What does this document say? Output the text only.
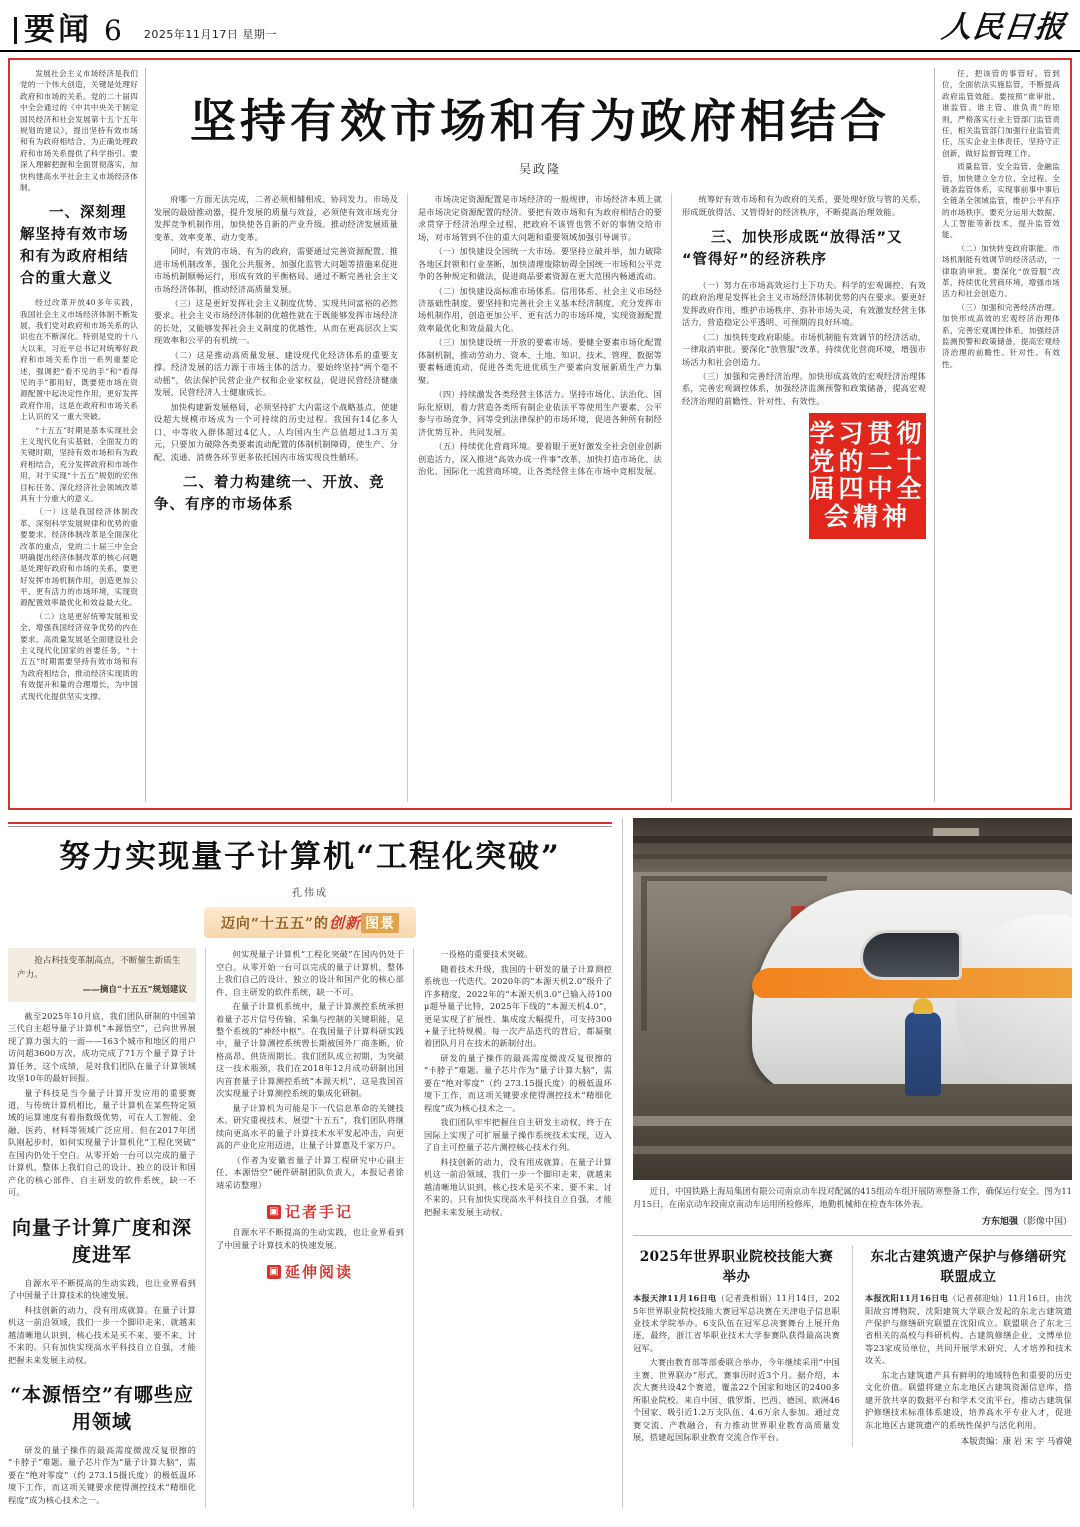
要闻 6 2025年11月17日 星期一	人民日报

发展社会主义市场经济是我们党的一个伟大创造，关键是处理好政府和市场的关系。党的二十届四中全会通过的《中共中央关于制定国民经济和社会发展第十五个五年规划的建议》，提出坚持有效市场和有为政府相结合，为正确处理政府和市场关系提供了科学指引。要深入理解把握和全面贯彻落实，加快构建高水平社会主义市场经济体制。

一、深刻理解坚持有效市场和有为政府相结合的重大意义

经过改革开放40多年实践，我国社会主义市场经济体制不断发展，我们党对政府和市场关系的认识也在不断深化。特别是党的十八大以来，习近平总书记对统筹好政府和市场关系作出一系列重要论述，强调把“看不见的手”和“看得见的手”都用好，既要使市场在资源配置中起决定性作用，更好发挥政府作用，这是在政府和市场关系上认识的又一重大突破。

“十五五”时期是基本实现社会主义现代化有实基础、全面发力的关键时期，坚持有效市场和有为政府相结合，充分发挥政府和市场作用，对于实现“十五五”规划的宏伟目标任务、深化经济社会领域改革具有十分重大的意义。

（一）这是我国经济体制改革、深刻科学发展规律和优势的重要要求。经济体制改革是全面深化改革的重点，党的二十届三中全会明确提出经济体制改革的核心问题是处理好政府和市场的关系，要更好发挥市场机制作用，创造更加公平、更有活力的市场环境，实现资源配置效率最优化和效益最大化。

（二）这是更好统筹发展和安全、增强我国经济竞争优势的内在要求。高质量发展是全面建设社会主义现代化国家的首要任务，“十五五”时期需要坚持有效市场和有为政府相结合，推动经济实现质的有效提升和量的合理增长，为中国式现代化提供坚实支撑。

坚持有效市场和有为政府相结合
吴政隆

府哪一方面无法完成，二者必须相辅相成、协同发力。市场及发展的最励推动器，提升发展的质量与效益，必须使有效市场充分发挥竞争机制作用，加快使各自新的产业升级。推动经济发展质量变革、效率变革、动力变革。

同时，有效的市场、有为的政府，需要通过完善资源配置、推进市场机制改革，强化公共服务、加强化监管大问题等措施来促进市场机制顺畅运行，形成有效的平衡格局。通过不断完善社会主义市场经济体制，推动经济高质量发展。

（三）这是更好发挥社会主义制度优势、实现共同富裕的必然要求。社会主义市场经济体制的优越性就在于既能够发挥市场经济的长处，又能够发挥社会主义制度的优越性，从而在更高层次上实现效率和公平的有机统一。

（二）这是推动高质量发展、建设现代化经济体系的重要支撑。经济发展的活力源于市场主体的活力。要始终坚持“两个毫不动摇”，依法保护民营企业产权和企业家权益，促进民营经济健康发展、民营经济人士健康成长。

加快构建新发展格局，必须坚持扩大内需这个战略基点，使建设超大规模市场成为一个可持续的历史过程。我国有14亿多人口、中等收入群体超过4亿人，人均国内生产总值超过1.3万美元，只要加力破除各类要素流动配置的体制机制障碍，使生产、分配、流通、消费各环节更多依托国内市场实现良性循环。

二、着力构建统一、开放、竞争、有序的市场体系

市场决定资源配置是市场经济的一般规律，市场经济本质上就是市场决定资源配置的经济。要把有效市场和有为政府相结合的要求贯穿于经济治理全过程，把政府不该管也管不好的事情交给市场，对市场管到不住的重大问题和重要领域加强引导调节。

（一）加快建设全国统一大市场。要坚持立破并举，加力破除各地区封锁和行业垄断，加快清理废除妨碍全国统一市场和公平竞争的各种规定和做法，促进商品要素资源在更大范围内畅通流动。

（二）加快建设高标准市场体系。信用体系、社会主义市场经济基础性制度，要坚持和完善社会主义基本经济制度，充分发挥市场机制作用，创造更加公平、更有活力的市场环境，实现资源配置效率最优化和效益最大化。

（三）加快建设统一开放的要素市场。要健全要素市场化配置体制机制，推动劳动力、资本、土地、知识、技术、管理、数据等要素畅通流动，促进各类先进优质生产要素向发展新质生产力集聚。

（四）持续激发各类经营主体活力。坚持市场化、法治化、国际化原则，着力营造各类所有制企业依法平等使用生产要素、公平参与市场竞争、同等受到法律保护的市场环境，促进各种所有制经济优势互补、共同发展。

（五）持续优化营商环境。要着眼于更好激发全社会创业创新创造活力，深入推进“高效办成一件事”改革，加快打造市场化、法治化、国际化一流营商环境，让各类经营主体在市场中竞相发展。

统筹好有效市场和有为政府的关系，要处理好放与管的关系，形成既放得活、又管得好的经济秩序，不断提高治理效能。

三、加快形成既“放得活”又“管得好”的经济秩序

（一）努力在市场高效运行上下功夫。科学的宏观调控、有效的政府治理是发挥社会主义市场经济体制优势的内在要求。要更好发挥政府作用，维护市场秩序、弥补市场失灵，有效激发经营主体活力，营造稳定公平透明、可预期的良好环境。

（二）加快转变政府职能。市场机制能有效调节的经济活动，一律取消审批。要深化“放管服”改革，持续优化营商环境，增强市场活力和社会创造力。

（三）加强和完善经济治理。加快形成高效的宏观经济治理体系，完善宏观调控体系，加强经济监测预警和政策储备，提高宏观经济治理的前瞻性、针对性、有效性。

学习贯彻党的二十届四中全会精神

任，把该管的事管好、管到位，全面依法实施监管，不断提高政府监管效能。要按照“谁审批、谁监管、谁主管、谁负责”的原则，严格落实行业主管部门监管责任，相关监管部门加强行业监管责任，压实企业主体责任，坚持守正创新，做好监督管理工作。

质量监管、安全监管、金融监管，加快建立全方位、全过程、全链条监管体系，实现事前事中事后全链条全领域监管，维护公平有序的市场秩序。要充分运用大数据、人工智能等新技术，提升监管效能。

（二）加快转变政府职能。市场机制能有效调节的经济活动，一律取消审批。要深化“放管服”改革，持续优化营商环境，增强市场活力和社会创造力。

（三）加强和完善经济治理。加快形成高效的宏观经济治理体系，完善宏观调控体系，加强经济监测预警和政策储备，提高宏观经济治理的前瞻性、针对性、有效性。

努力实现量子计算机“工程化突破”
孔伟成
迈向“十五五”的创新 图景
抢占科技变革制高点，不断催生新质生产力。
——摘自“十五五”规划建议

截至2025年10月底，我们团队研制的中国第三代自主超导量子计算机“本源悟空”，已向世界展现了算力强大的一面——163个城市和地区的用户访问超3600万次，成功完成了71万个量子算子计算任务，这个成绩，是对我们团队在量子计算领域攻坚10年的最好回报。

量子科技是当今量子计算开发应用的重要赛道，与传统计算机相比，量子计算机在某些特定领域的运算速度有着指数级优势，可在人工智能、金融、医药、材料等领域广泛应用。但在2017年团队刚起步时，如何实现量子计算机化“工程化突破”在国内仍处于空白。从零开始一台可以完成的量子计算机，整体上我们自己的设计、独立的设计和国产化的核心部件、自主研发的软件系统，缺一不可。

向量子计算广度和深度进军

自源水平不断提高的生动实践，也让业界看到了中国量子计算技术的快速发展。

科技创新的动力，没有用成就算。在量子计算机这一前沿领域，我们一步一个脚印走来，就越来越清晰地认识到，核心技术是买不来、要不来、讨不来的。只有加快实现高水平科技自立自强，才能把握未来发展主动权。

“本源悟空”有哪些应用领域

研发的量子操作的最高需度微波反复很擦的“卡脖子”难题。量子芯片作为“量子计算大脑”，需要在“绝对零度”（约 273.15摄氏度）的极低温环境下工作，而这项关键要求使得测控技术“精细化程度”成为核心技术之一。

何实现量子计算机“工程化突破”在国内仍处于空白。从零开始一台可以完成的量子计算机，整体上我们自己的设计、独立的设计和国产化的核心部件、自主研发的软件系统，缺一不可。

在量子计算机系统中，量子计算测控系统承担着量子芯片信号传输、采集与控制的关键职能，是整个系统的“神经中枢”。在我国量子计算科研实践中，量子计算测控系统曾长期被国外厂商垄断，价格高昂、供货周期长。我们团队成立初期，为突破这一技术瓶颈，我们在2018年12月成功研制出国内首套量子计算测控系统“本源天机”，这是我国首次实现量子计算测控系统的集成化研制。

量子计算机为可能是下一代信息革命的关键技术。研究重视技术、展望“十五五”，我们团队将继续向更高水平的量子计算技术水平发起冲击，向更高的产业化应用迈进，让量子计算惠及千家万户。

（作者为安徽省量子计算工程研究中心副主任、本源悟空“硬件研制团队负责人，本报记者徐靖采访整理）

▣ 记者手记

自源水平不断提高的生动实践，也让业界看到了中国量子计算技术的快速发展。

▣ 延伸阅读

一役格的重要技术突破。

随着技术升级，我国的十研发的量子计算测控系统也一代迭代。2020年的“本源天机2.0”级升了许多精度，2022年的“本源天机3.0”已输入待100μ超导量子比特，2025年下线的“本源天机4.0”，更是实现了扩展性、集成度大幅提升，可支持300+量子比特规模。每一次产品迭代的背后，都凝聚着团队月月在技术的新制付出。

研发的量子操作的最高需度微波反复很擦的“卡脖子”难题。量子芯片作为“量子计算大脑”，需要在“绝对零度”（约 273.15摄氏度）的极低温环境下工作，而这项关键要求使得测控技术“精细化程度”成为核心技术之一。

我们团队牢牢把握住自主研发主动权，终于在国际上实现了可扩展量子操作系统技术实现，迈入了自主可控量子芯片测控核心技术行列。

科技创新的动力，没有用成就算。在量子计算机这一前沿领域，我们一步一个脚印走来，就越来越清晰地认识到，核心技术是买不来、要不来、讨不来的。只有加快实现高水平科技自立自强，才能把握未来发展主动权。

近日，中国铁路上海局集团有限公司南京动车段对配属的415组动车组开展防寒整备工作，确保运行安全。图为11月15日，在南京动车段南京南动车运用所检修库，地勤机械师在检查车体外表。

方东旭强（影像中国）
2025年世界职业院校技能大赛举办

本报天津11月16日电（记者龚相娟）11月14日，2025年世界职业院校技能大赛冠军总决赛在天津电子信息职业技术学院举办。6支队伍在冠军总决赛舞台上展开角逐，最终，浙江省华职业技术大学参赛队获得最高决赛冠军。

大赛由教育部等部委联合举办，今年继续采用“中国主赛、世界联办”形式，赛事历时近3个月。据介绍，本次大赛共设42个赛道，覆盖22个国家和地区的2400多所职业院校。来自中国、俄罗斯、巴西、德国、欧洲46个国家、吸引近1.2万支队伍、4.6万余人参加。通过竞赛交流、产教融合，有力推动世界职业教育高质量发展，搭建起国际职业教育交流合作平台。

东北古建筑遗产保护与修缮研究联盟成立

本报沈阳11月16日电（记者郝迎灿）11月16日，由沈阳故宫博物院、沈阳建筑大学联合发起的东北古建筑遗产保护与修缮研究联盟在沈阳成立。联盟联合了东北三省相关的高校与科研机构、古建筑修缮企业、文博单位等23家成员单位，共同开展学术研究、人才培养和技术攻关。

东北古建筑遗产具有鲜明的地域特色和重要的历史文化价值。联盟将建立东北地区古建筑资源信息库，搭建开放共享的数据平台和学术交流平台，推动古建筑保护修缮技术标准体系建设，培养高水平专业人才，促进东北地区古建筑遗产的系统性保护与活化利用。

本版责编：康 岩 宋 宇 马睿婕
